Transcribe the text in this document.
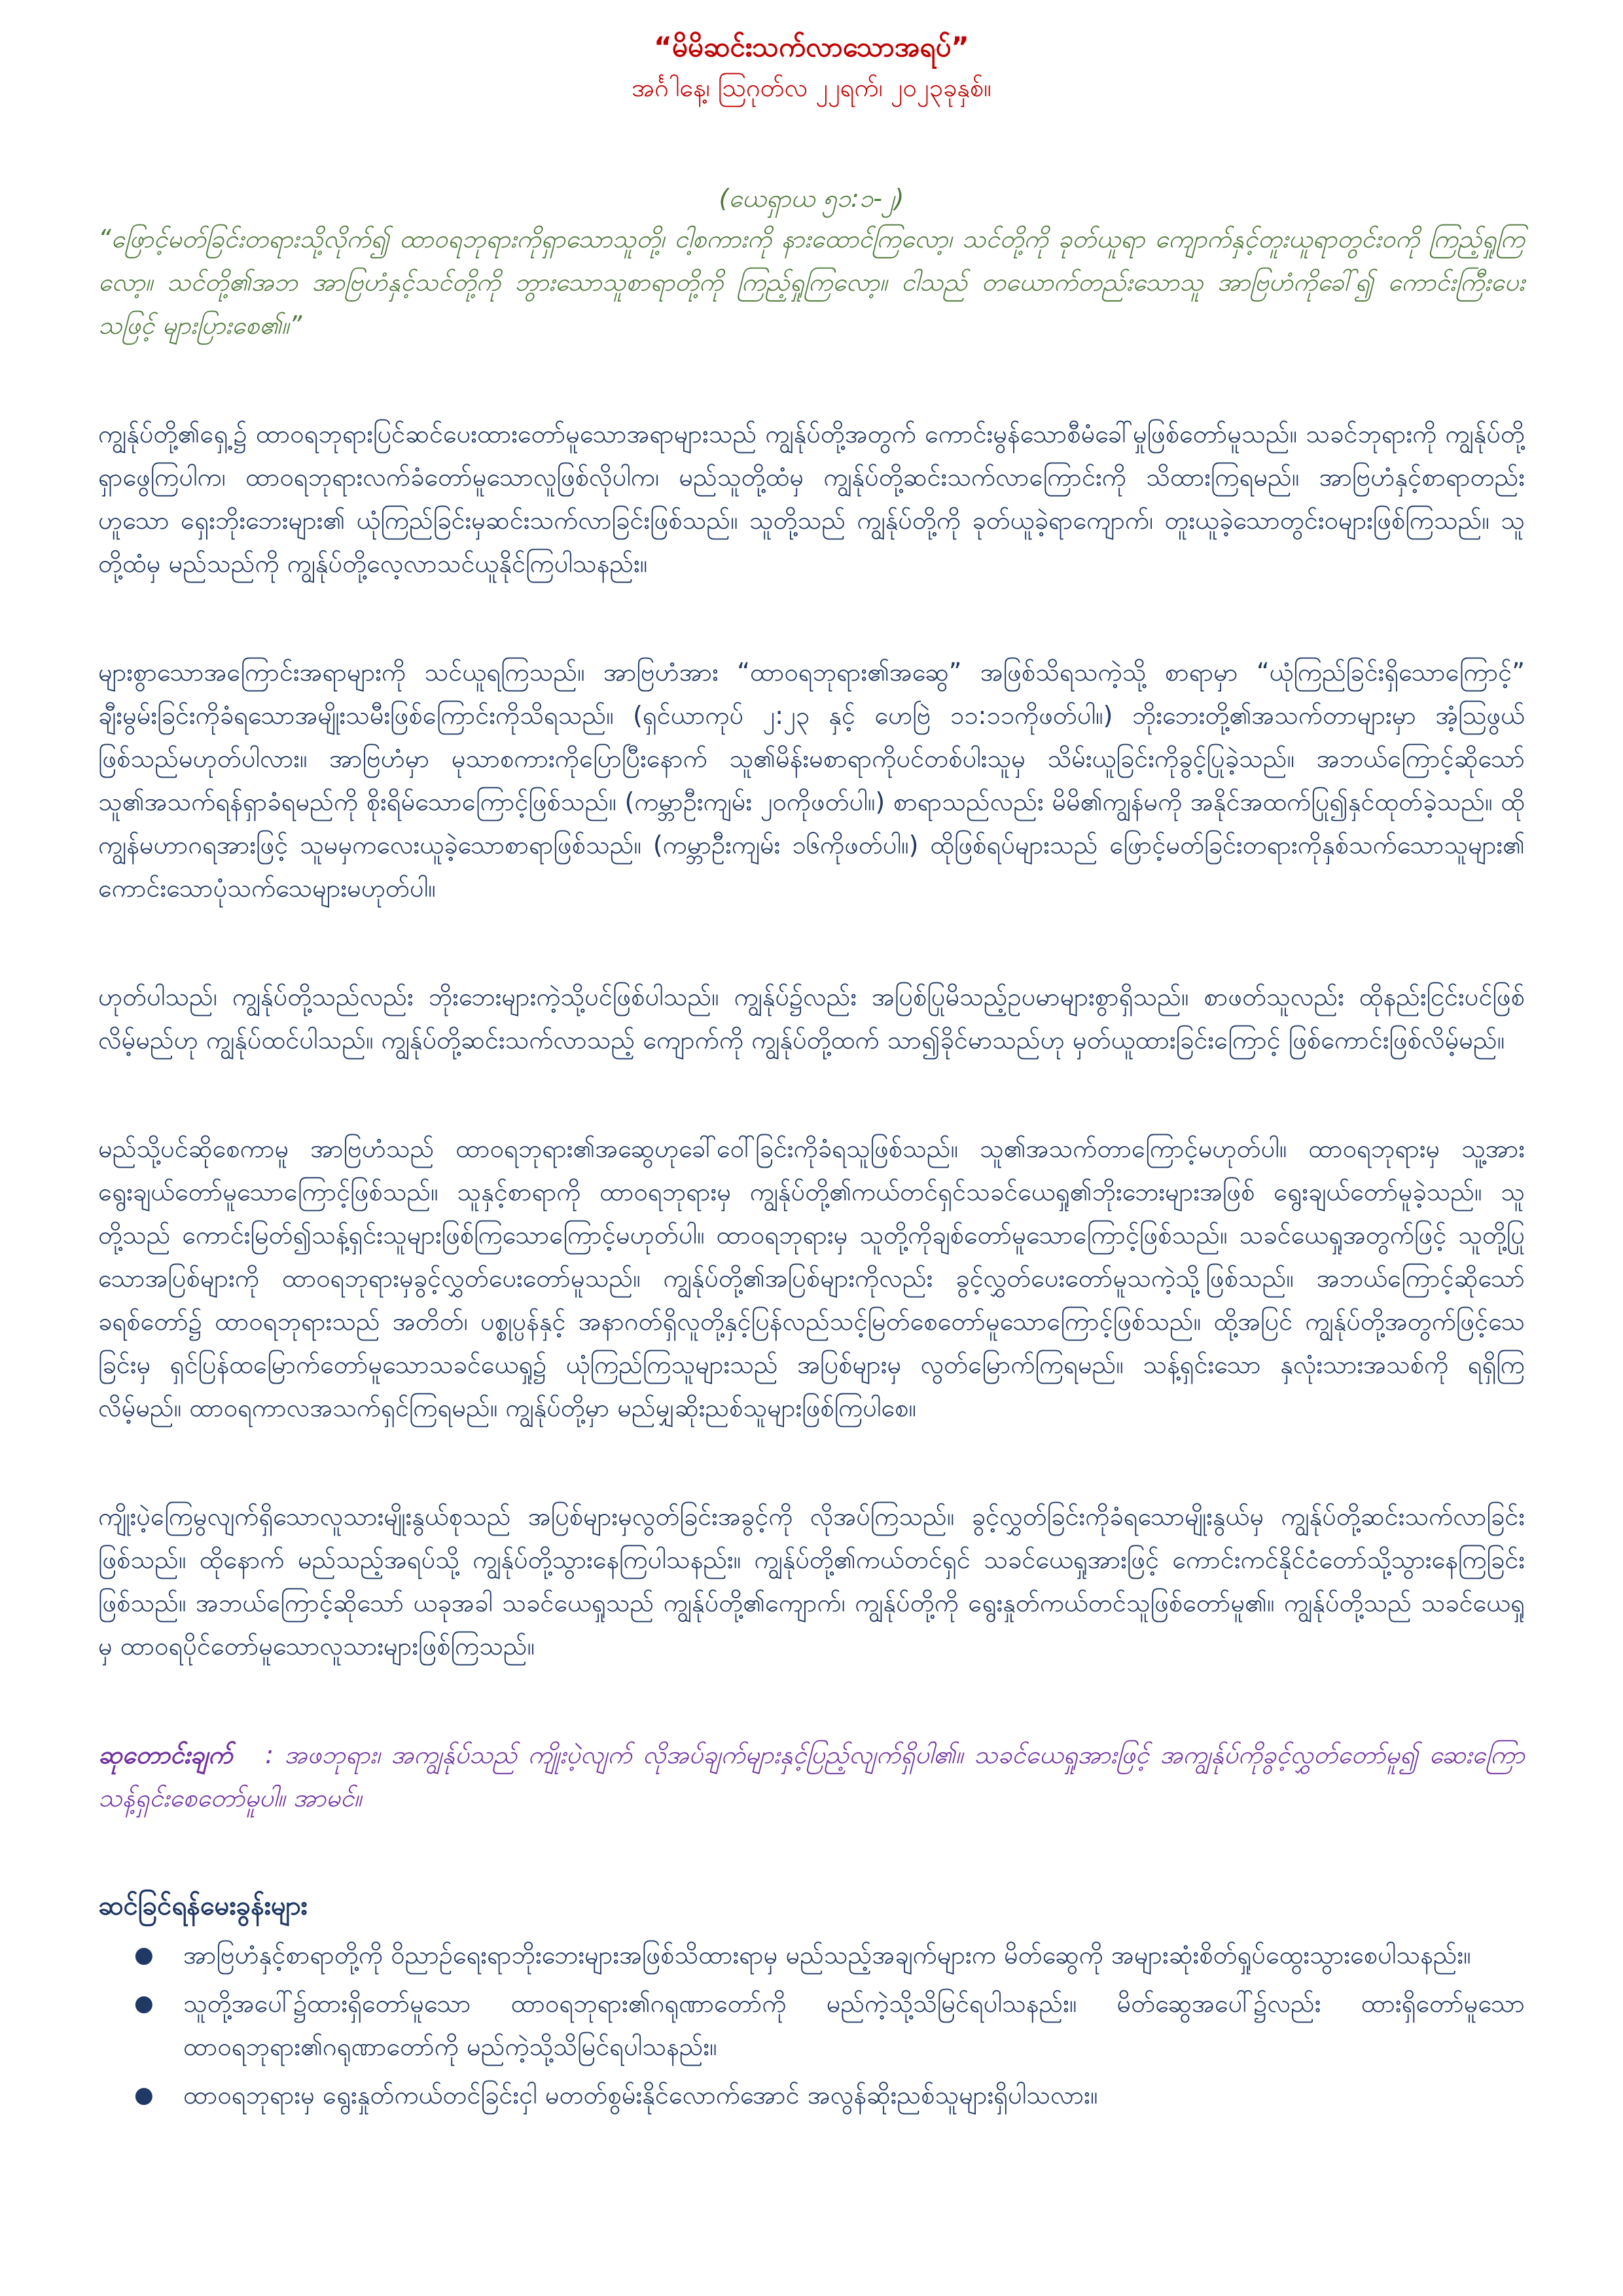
“မိမိဆင်းသက်လာသောအရပ်”

အင်္ဂါနေ့၊ ဩဂုတ်လ ၂၂ရက်၊ ၂၀၂၃ခုနှစ်။

(ယေရှာယ ၅၁:၁-၂)

“ဖြောင့်မတ်ခြင်းတရားသို့လိုက်၍ ထာဝရဘုရားကိုရှာသောသူတို့၊ ငါ့စကားကို နားထောင်ကြလော့၊ သင်တို့ကို ခုတ်ယူရာ ကျောက်နှင့်တူးယူရာတွင်းဝကို ကြည့်ရှုကြလော့။ သင်တို့၏အဘ အာဗြဟံနှင့်သင်တို့ကို ဘွားသောသူစာရာတို့ကို ကြည့်ရှုကြလော့။ ငါသည် တယောက်တည်းသောသူ အာဗြဟံကိုခေါ်၍ ကောင်းကြီးပေးသဖြင့် များပြားစေ၏။”

ကျွန်ုပ်တို့၏ရှေ့၌ ထာဝရဘုရားပြင်ဆင်ပေးထားတော်မူသောအရာများသည် ကျွန်ုပ်တို့အတွက် ကောင်းမွန်သောစီမံခေါ်မှုဖြစ်တော်မူသည်။ သခင်ဘုရားကို ကျွန်ုပ်တို့ရှာဖွေကြပါက၊ ထာဝရဘုရားလက်ခံတော်မူသောလူဖြစ်လိုပါက၊ မည်သူတို့ထံမှ ကျွန်ုပ်တို့ဆင်းသက်လာကြောင်းကို သိထားကြရမည်။ အာဗြဟံနှင့်စာရာတည်းဟူသော ရှေးဘိုးဘေးများ၏ ယုံကြည်ခြင်းမှဆင်းသက်လာခြင်းဖြစ်သည်။ သူတို့သည် ကျွန်ုပ်တို့ကို ခုတ်ယူခဲ့ရာကျောက်၊ တူးယူခဲ့သောတွင်းဝများဖြစ်ကြသည်။ သူတို့ထံမှ မည်သည်ကို ကျွန်ုပ်တို့လေ့လာသင်ယူနိုင်ကြပါသနည်း။

များစွာသောအကြောင်းအရာများကို သင်ယူရကြသည်။ အာဗြဟံအား “ထာဝရဘုရား၏အဆွေ” အဖြစ်သိရသကဲ့သို့ စာရာမှာ “ယုံကြည်ခြင်းရှိသောကြောင့်” ချီးမွမ်းခြင်းကိုခံရသောအမျိုးသမီးဖြစ်ကြောင်းကိုသိရသည်။ (ရှင်ယာကုပ် ၂:၂၃ နှင့် ဟေဗြဲ ၁၁:၁၁ကိုဖတ်ပါ။) ဘိုးဘေးတို့၏အသက်တာများမှာ အံ့သြဖွယ်ဖြစ်သည်မဟုတ်ပါလား။ အာဗြဟံမှာ မုသာစကားကိုပြောပြီးနောက် သူ၏မိန်းမစာရာကိုပင်တစ်ပါးသူမှ သိမ်းယူခြင်းကိုခွင့်ပြုခဲ့သည်။ အဘယ်ကြောင့်ဆိုသော် သူ၏အသက်ရန်ရှာခံရမည်ကို စိုးရိမ်သောကြောင့်ဖြစ်သည်။ (ကမ္ဘာဦးကျမ်း ၂၀ကိုဖတ်ပါ။) စာရာသည်လည်း မိမိ၏ကျွန်မကို အနိုင်အထက်ပြု၍နှင်ထုတ်ခဲ့သည်။ ထိုကျွန်မဟာဂရအားဖြင့် သူမမှကလေးယူခဲ့သောစာရာဖြစ်သည်။ (ကမ္ဘာဦးကျမ်း ၁၆ကိုဖတ်ပါ။) ထိုဖြစ်ရပ်များသည် ဖြောင့်မတ်ခြင်းတရားကိုနှစ်သက်သောသူများ၏ ကောင်းသောပုံသက်သေများမဟုတ်ပါ။

ဟုတ်ပါသည်၊ ကျွန်ုပ်တို့သည်လည်း ဘိုးဘေးများကဲ့သို့ပင်ဖြစ်ပါသည်။ ကျွန်ုပ်၌လည်း အပြစ်ပြုမိသည့်ဥပမာများစွာရှိသည်။ စာဖတ်သူလည်း ထိုနည်းငြင်းပင်ဖြစ်လိမ့်မည်ဟု ကျွန်ုပ်ထင်ပါသည်။ ကျွန်ုပ်တို့ဆင်းသက်လာသည့် ကျောက်ကို ကျွန်ုပ်တို့ထက် သာ၍ခိုင်မာသည်ဟု မှတ်ယူထားခြင်းကြောင့် ဖြစ်ကောင်းဖြစ်လိမ့်မည်။

မည်သို့ပင်ဆိုစေကာမူ အာဗြဟံသည် ထာဝရဘုရား၏အဆွေဟုခေါ်ဝေါ်ခြင်းကိုခံရသူဖြစ်သည်။ သူ၏အသက်တာကြောင့်မဟုတ်ပါ။ ထာဝရဘုရားမှ သူ့အားရွေးချယ်တော်မူသောကြောင့်ဖြစ်သည်။ သူနှင့်စာရာကို ထာဝရဘုရားမှ ကျွန်ုပ်တို့၏ကယ်တင်ရှင်သခင်ယေရှု၏ဘိုးဘေးများအဖြစ် ရွေးချယ်တော်မူခဲ့သည်။ သူတို့သည် ကောင်းမြတ်၍သန့်ရှင်းသူများဖြစ်ကြသောကြောင့်မဟုတ်ပါ။ ထာဝရဘုရားမှ သူတို့ကိုချစ်တော်မူသောကြောင့်ဖြစ်သည်။ သခင်ယေရှုအတွက်ဖြင့် သူတို့ပြုသောအပြစ်များကို ထာဝရဘုရားမှခွင့်လွှတ်ပေးတော်မူသည်။ ကျွန်ုပ်တို့၏အပြစ်များကိုလည်း ခွင့်လွှတ်ပေးတော်မူသကဲ့သို့ဖြစ်သည်။ အဘယ်ကြောင့်ဆိုသော် ခရစ်တော်၌ ထာဝရဘုရားသည် အတိတ်၊ ပစ္စုပ္ပန်နှင့် အနာဂတ်ရှိလူတို့နှင့်ပြန်လည်သင့်မြတ်စေတော်မူသောကြောင့်ဖြစ်သည်။ ထို့အပြင် ကျွန်ုပ်တို့အတွက်ဖြင့်သေခြင်းမှ ရှင်ပြန်ထမြောက်တော်မူသောသခင်ယေရှု၌ ယုံကြည်ကြသူများသည် အပြစ်များမှ လွတ်မြောက်ကြရမည်။ သန့်ရှင်းသော နှလုံးသားအသစ်ကို ရရှိကြလိမ့်မည်။ ထာဝရကာလအသက်ရှင်ကြရမည်။ ကျွန်ုပ်တို့မှာ မည်မျှဆိုးညစ်သူများဖြစ်ကြပါစေ။

ကျိုးပဲ့ကြေမွလျက်ရှိသောလူသားမျိုးနွယ်စုသည် အပြစ်များမှလွတ်ခြင်းအခွင့်ကို လိုအပ်ကြသည်။ ခွင့်လွှတ်ခြင်းကိုခံရသောမျိုးနွယ်မှ ကျွန်ုပ်တို့ဆင်းသက်လာခြင်းဖြစ်သည်။ ထိုနောက် မည်သည့်အရပ်သို့ ကျွန်ုပ်တို့သွားနေကြပါသနည်း။ ကျွန်ုပ်တို့၏ကယ်တင်ရှင် သခင်ယေရှုအားဖြင့် ကောင်းကင်နိုင်ငံတော်သို့သွားနေကြခြင်းဖြစ်သည်။ အဘယ်ကြောင့်ဆိုသော် ယခုအခါ သခင်ယေရှုသည် ကျွန်ုပ်တို့၏ကျောက်၊ ကျွန်ုပ်တို့ကို ရွေးနှုတ်ကယ်တင်သူဖြစ်တော်မူ၏။ ကျွန်ုပ်တို့သည် သခင်ယေရှုမှ ထာဝရပိုင်တော်မူသောလူသားများဖြစ်ကြသည်။

ဆုတောင်းချက် : အဖဘုရား၊ အကျွန်ုပ်သည် ကျိုးပဲ့လျက် လိုအပ်ချက်များနှင့်ပြည့်လျက်ရှိပါ၏။ သခင်ယေရှုအားဖြင့် အကျွန်ုပ်ကိုခွင့်လွှတ်တော်မူ၍ ဆေးကြောသန့်ရှင်းစေတော်မူပါ။ အာမင်။

ဆင်ခြင်ရန်မေးခွန်းများ

● အာဗြဟံနှင့်စာရာတို့ကို ဝိညာဉ်ရေးရာဘိုးဘေးများအဖြစ်သိထားရာမှ မည်သည့်အချက်များက မိတ်ဆွေကို အများဆုံးစိတ်ရှုပ်ထွေးသွားစေပါသနည်း။
● သူတို့အပေါ်၌ထားရှိတော်မူသော ထာဝရဘုရား၏ဂရုဏာတော်ကို မည်ကဲ့သို့သိမြင်ရပါသနည်း။ မိတ်ဆွေအပေါ်၌လည်း ထားရှိတော်မူသော ထာဝရဘုရား၏ဂရုဏာတော်ကို မည်ကဲ့သို့သိမြင်ရပါသနည်း။
● ထာဝရဘုရားမှ ရွေးနှုတ်ကယ်တင်ခြင်းငှါ မတတ်စွမ်းနိုင်လောက်အောင် အလွန်ဆိုးညစ်သူများရှိပါသလား။
